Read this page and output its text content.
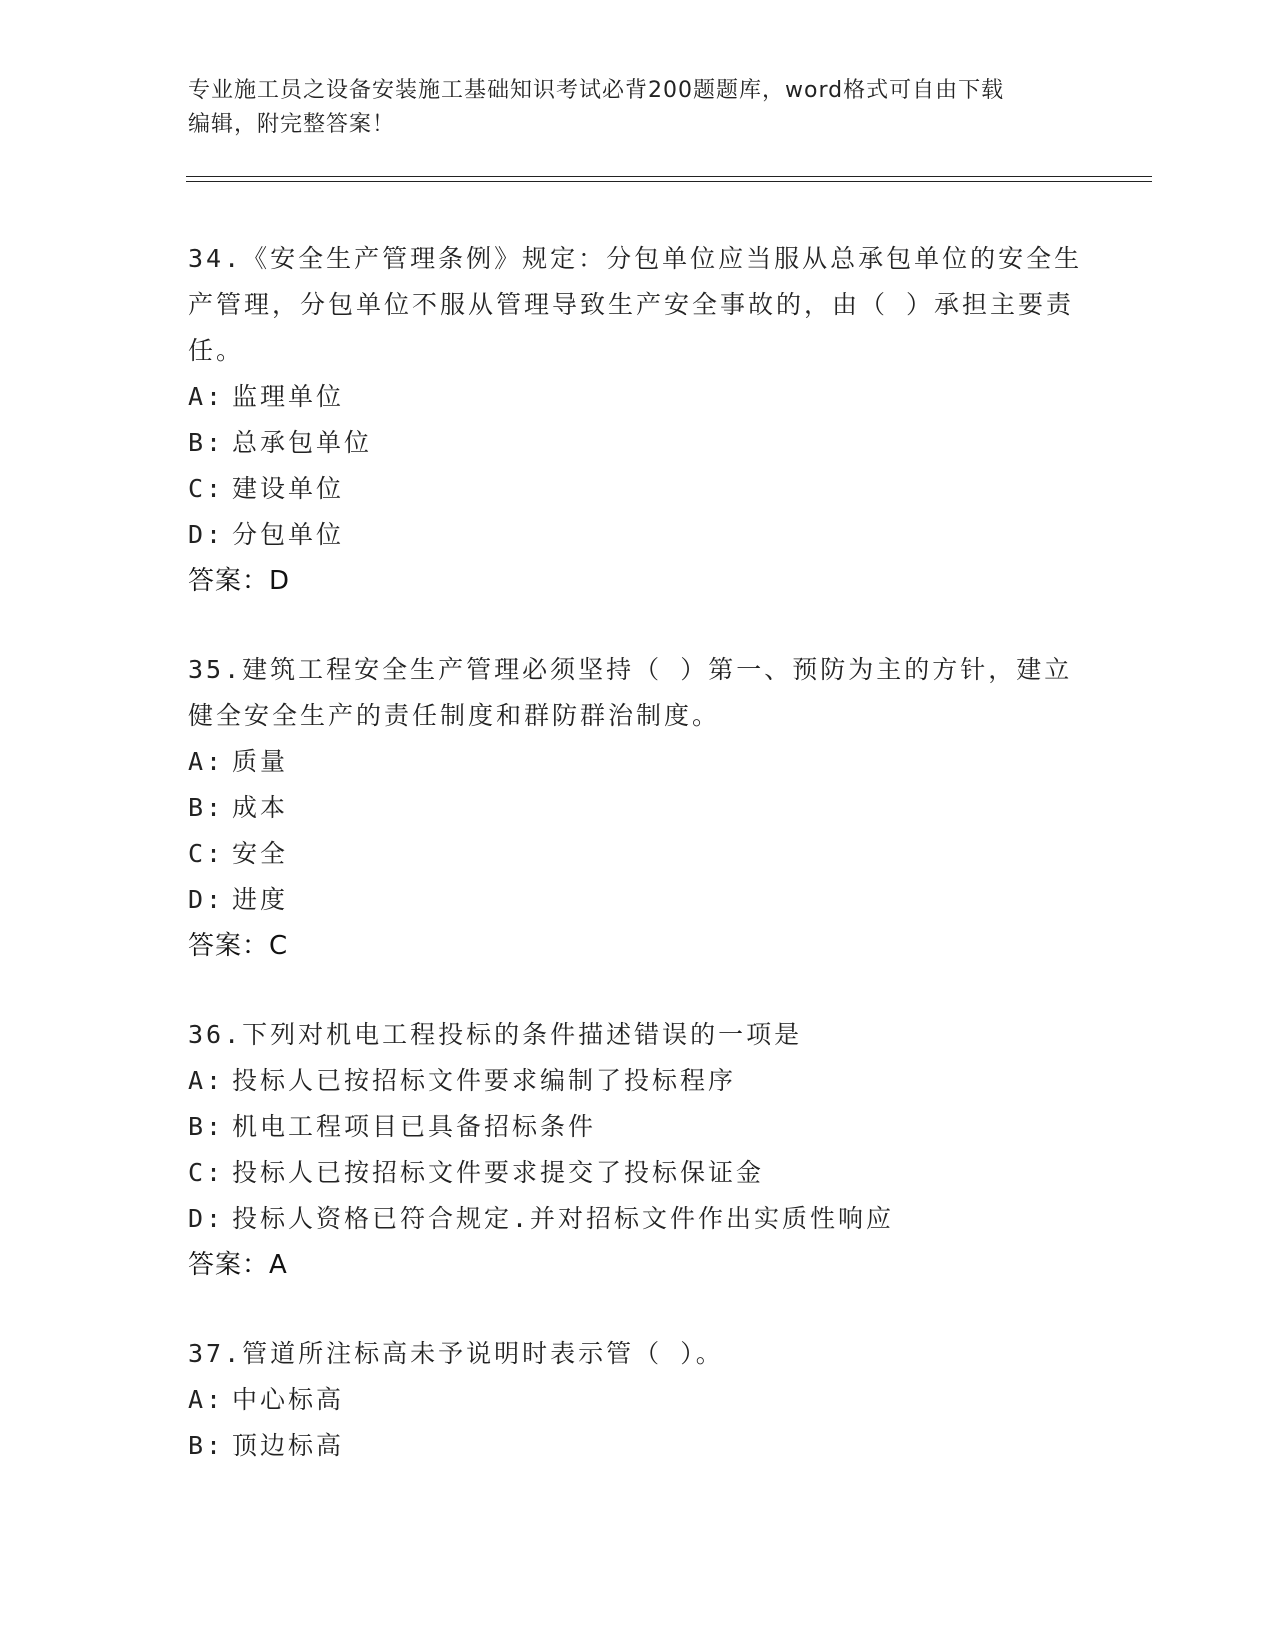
专业施工员之设备安装施工基础知识考试必背200题题库，word格式可自由下载
编辑，附完整答案！

34.《安全生产管理条例》规定：分包单位应当服从总承包单位的安全生产管理，分包单位不服从管理导致生产安全事故的，由（ ）承担主要责任。

A: 监理单位

B: 总承包单位

C: 建设单位

D: 分包单位

答案：D

35.建筑工程安全生产管理必须坚持（ ）第一、预防为主的方针，建立健全安全生产的责任制度和群防群治制度。

A: 质量

B: 成本

C: 安全

D: 进度

答案：C

36.下列对机电工程投标的条件描述错误的一项是

A: 投标人已按招标文件要求编制了投标程序

B: 机电工程项目已具备招标条件

C: 投标人已按招标文件要求提交了投标保证金

D: 投标人资格已符合规定.并对招标文件作出实质性响应

答案：A

37.管道所注标高未予说明时表示管（ ）。

A: 中心标高

B: 顶边标高
